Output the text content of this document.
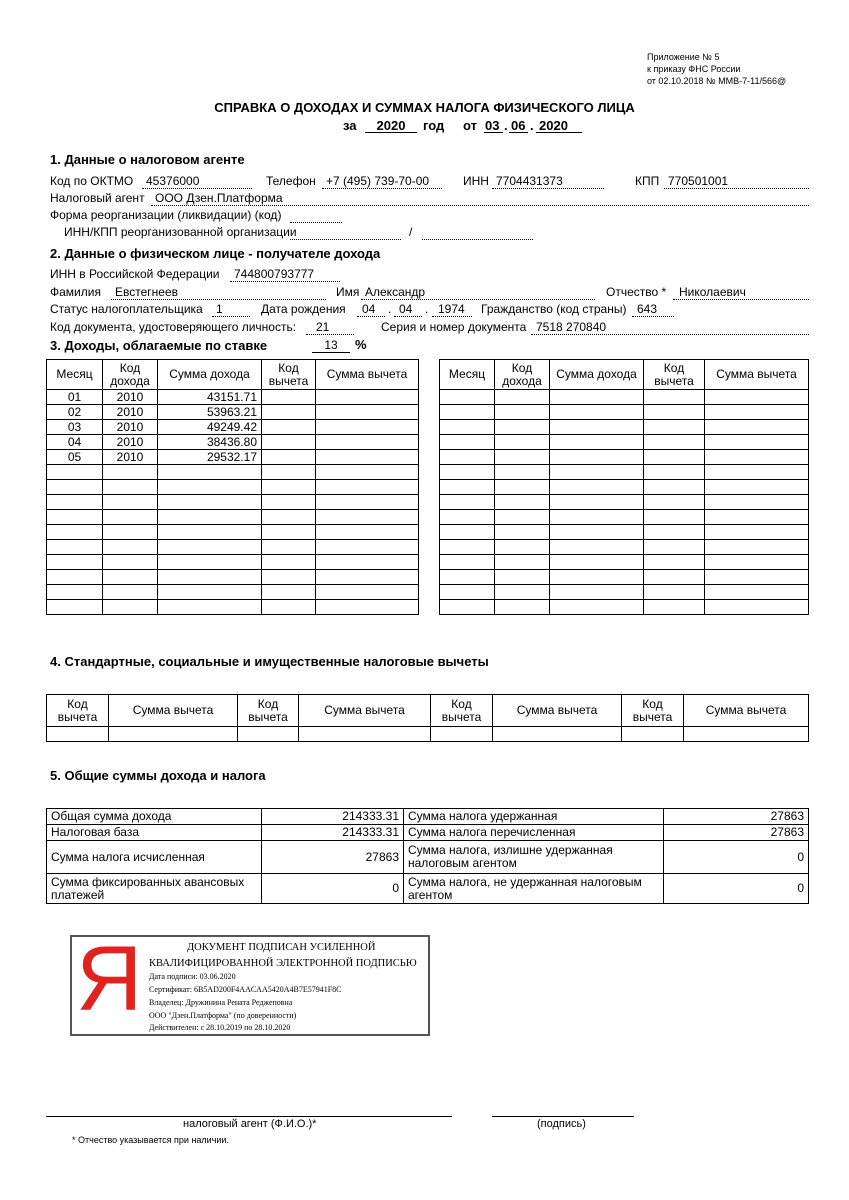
Приложение № 5
к приказу ФНС России
от 02.10.2018 № ММВ-7-11/566@
СПРАВКА О ДОХОДАХ И СУММАХ НАЛОГА ФИЗИЧЕСКОГО ЛИЦА
за	2020	год от 03 . 06 . 2020
1. Данные о налоговом агенте
Код по ОКТМО 45376000	Телефон +7 (495) 739-70-00	ИНН 7704431373	КПП 770501001
Налоговый агент ООО Дзен.Платформа
Форма реорганизации (ликвидации) (код)
ИНН/КПП реорганизованной организации	/
2. Данные о физическом лице - получателе дохода
ИНН в Российской Федерации 744800793777
Фамилия Евстегнеев	Имя Александр	Отчество * Николаевич
Статус налогоплательщика 1	Дата рождения 04 . 04 . 1974 Гражданство (код страны) 643
Код документа, удостоверяющего личность: 21	Серия и номер документа 7518 270840
3. Доходы, облагаемые по ставке	13	%
Месяц	Код дохода	Сумма дохода	Код вычета	Сумма вычета
01	2010	43151.71		
02	2010	53963.21		
03	2010	49249.42		
04	2010	38436.80		
05	2010	29532.17		

Месяц	Код дохода	Сумма дохода	Код вычета	Сумма вычета

4. Стандартные, социальные и имущественные налоговые вычеты
Код вычета	Сумма вычета	Код вычета	Сумма вычета	Код вычета	Сумма вычета	Код вычета	Сумма вычета

5. Общие суммы дохода и налога
Общая сумма дохода	214333.31	Сумма налога удержанная	27863
Налоговая база	214333.31	Сумма налога перечисленная	27863
Сумма налога исчисленная	27863	Сумма налога, излишне удержанная налоговым агентом	0
Сумма фиксированных авансовых платежей	0	Сумма налога, не удержанная налоговым агентом	0
Я	ДОКУМЕНТ ПОДПИСАН УСИЛЕННОЙ
КВАЛИФИЦИРОВАННОЙ ЭЛЕКТРОННОЙ ПОДПИСЬЮ
Дата подписи: 03.06.2020
Сертификат: 6B5AD200F4AACAA5420A4B7E57941F8C
Владелец: Дружинина Рената Реджеповна
ООО "Дзен.Платформа" (по доверенности)
Действителен: с 28.10.2019 по 28.10.2020
налоговый агент (Ф.И.О.)*	(подпись)
* Отчество указывается при наличии.
